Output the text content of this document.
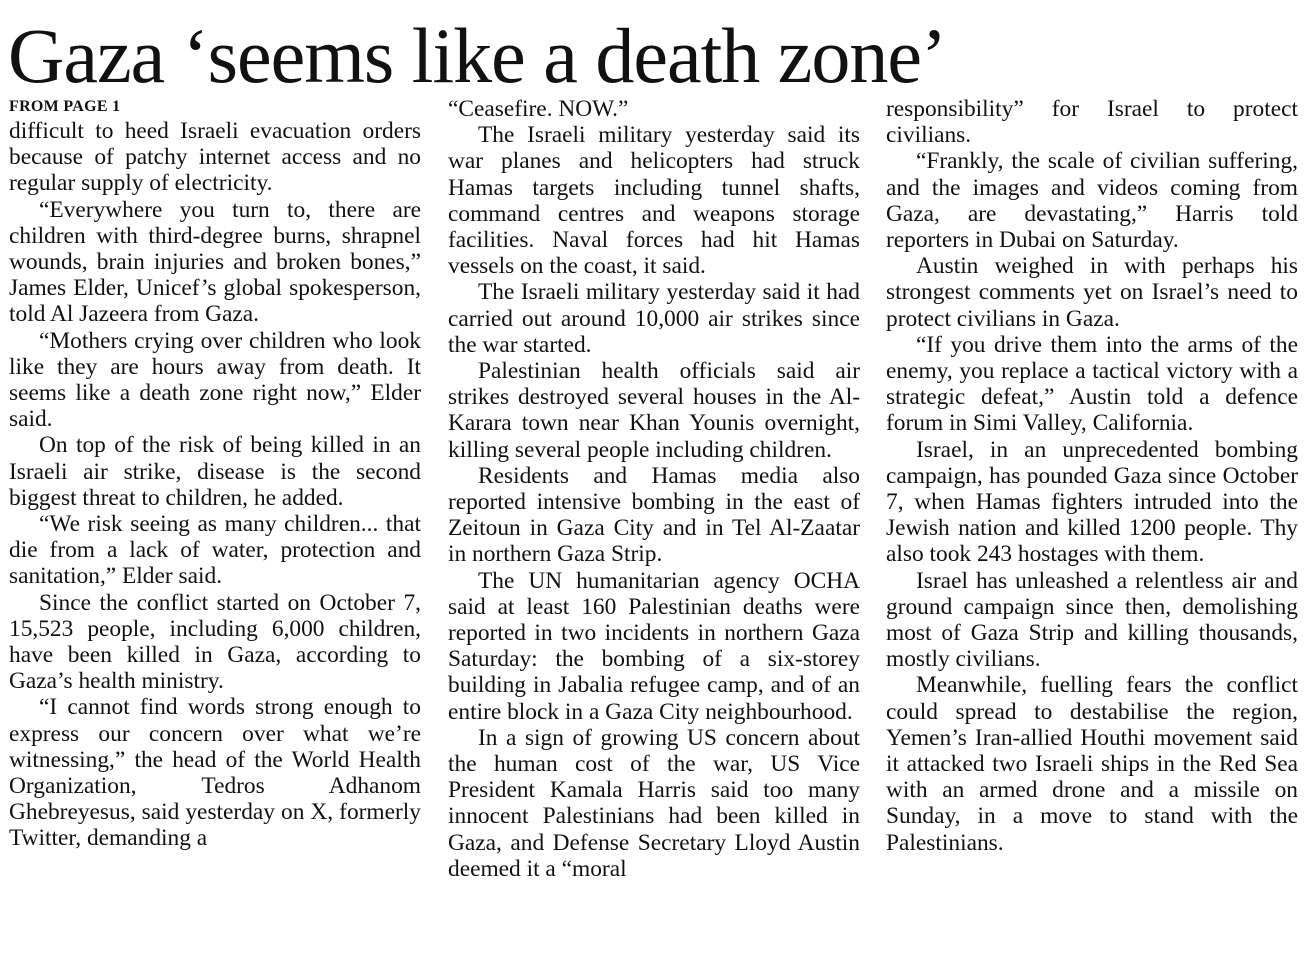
Gaza ‘seems like a death zone’
FROM PAGE 1

difficult to heed Israeli evacuation orders because of patchy internet access and no regular supply of electricity.

“Everywhere you turn to, there are children with third-degree burns, shrapnel wounds, brain injuries and broken bones,” James Elder, Unicef’s global spokesperson, told Al Jazeera from Gaza.

“Mothers crying over children who look like they are hours away from death. It seems like a death zone right now,” Elder said.

On top of the risk of being killed in an Israeli air strike, disease is the second biggest threat to children, he added.

“We risk seeing as many children... that die from a lack of water, protection and sanitation,” Elder said.

Since the conflict started on October 7, 15,523 people, including 6,000 children, have been killed in Gaza, according to Gaza’s health ministry.

“I cannot find words strong enough to express our concern over what we’re witnessing,” the head of the World Health Organization, Tedros Adhanom Ghebreyesus, said yesterday on X, formerly Twitter, demanding a

“Ceasefire. NOW.”

The Israeli military yesterday said its war planes and helicopters had struck Hamas targets including tunnel shafts, command centres and weapons storage facilities. Naval forces had hit Hamas vessels on the coast, it said.

The Israeli military yesterday said it had carried out around 10,000 air strikes since the war started.

Palestinian health officials said air strikes destroyed several houses in the Al-Karara town near Khan Younis overnight, killing several people including children.

Residents and Hamas media also reported intensive bombing in the east of Zeitoun in Gaza City and in Tel Al-Zaatar in northern Gaza Strip.

The UN humanitarian agency OCHA said at least 160 Palestinian deaths were reported in two incidents in northern Gaza Saturday: the bombing of a six-storey building in Jabalia refugee camp, and of an entire block in a Gaza City neighbourhood.

In a sign of growing US concern about the human cost of the war, US Vice President Kamala Harris said too many innocent Palestinians had been killed in Gaza, and Defense Secretary Lloyd Austin deemed it a “moral

responsibility” for Israel to protect civilians.

“Frankly, the scale of civilian suffering, and the images and videos coming from Gaza, are devastating,” Harris told reporters in Dubai on Saturday.

Austin weighed in with perhaps his strongest comments yet on Israel’s need to protect civilians in Gaza.

“If you drive them into the arms of the enemy, you replace a tactical victory with a strategic defeat,” Austin told a defence forum in Simi Valley, California.

Israel, in an unprecedented bombing campaign, has pounded Gaza since October 7, when Hamas fighters intruded into the Jewish nation and killed 1200 people. Thy also took 243 hostages with them.

Israel has unleashed a relentless air and ground campaign since then, demolishing most of Gaza Strip and killing thousands, mostly civilians.

Meanwhile, fuelling fears the conflict could spread to destabilise the region, Yemen’s Iran-allied Houthi movement said it attacked two Israeli ships in the Red Sea with an armed drone and a missile on Sunday, in a move to stand with the Palestinians.
